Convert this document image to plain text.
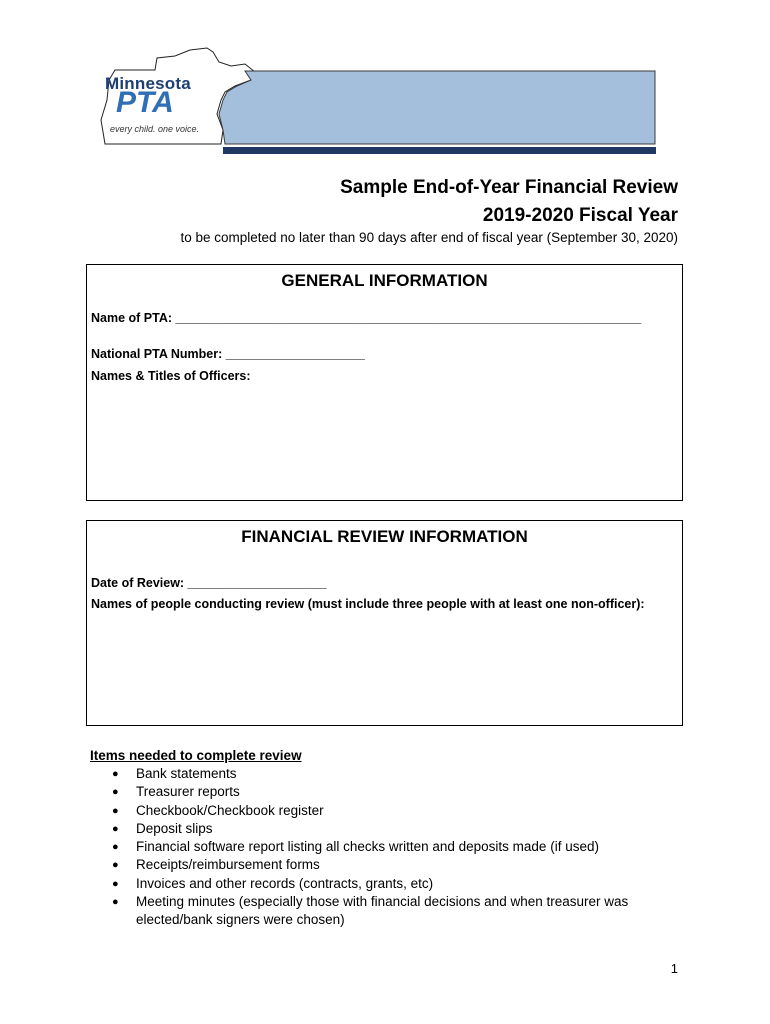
Minnesota
PTA
every child. one voice.
Sample End-of-Year Financial Review
2019-2020 Fiscal Year
to be completed no later than 90 days after end of fiscal year (September 30, 2020)
GENERAL INFORMATION
Name of PTA: ___________________________________________________________________
National PTA Number: ____________________
Names & Titles of Officers:
FINANCIAL REVIEW INFORMATION
Date of Review: ____________________
Names of people conducting review (must include three people with at least one non-officer):
Items needed to complete review
● Bank statements
● Treasurer reports
● Checkbook/Checkbook register
● Deposit slips
● Financial software report listing all checks written and deposits made (if used)
● Receipts/reimbursement forms
● Invoices and other records (contracts, grants, etc)
● Meeting minutes (especially those with financial decisions and when treasurer was elected/bank signers were chosen)
1
